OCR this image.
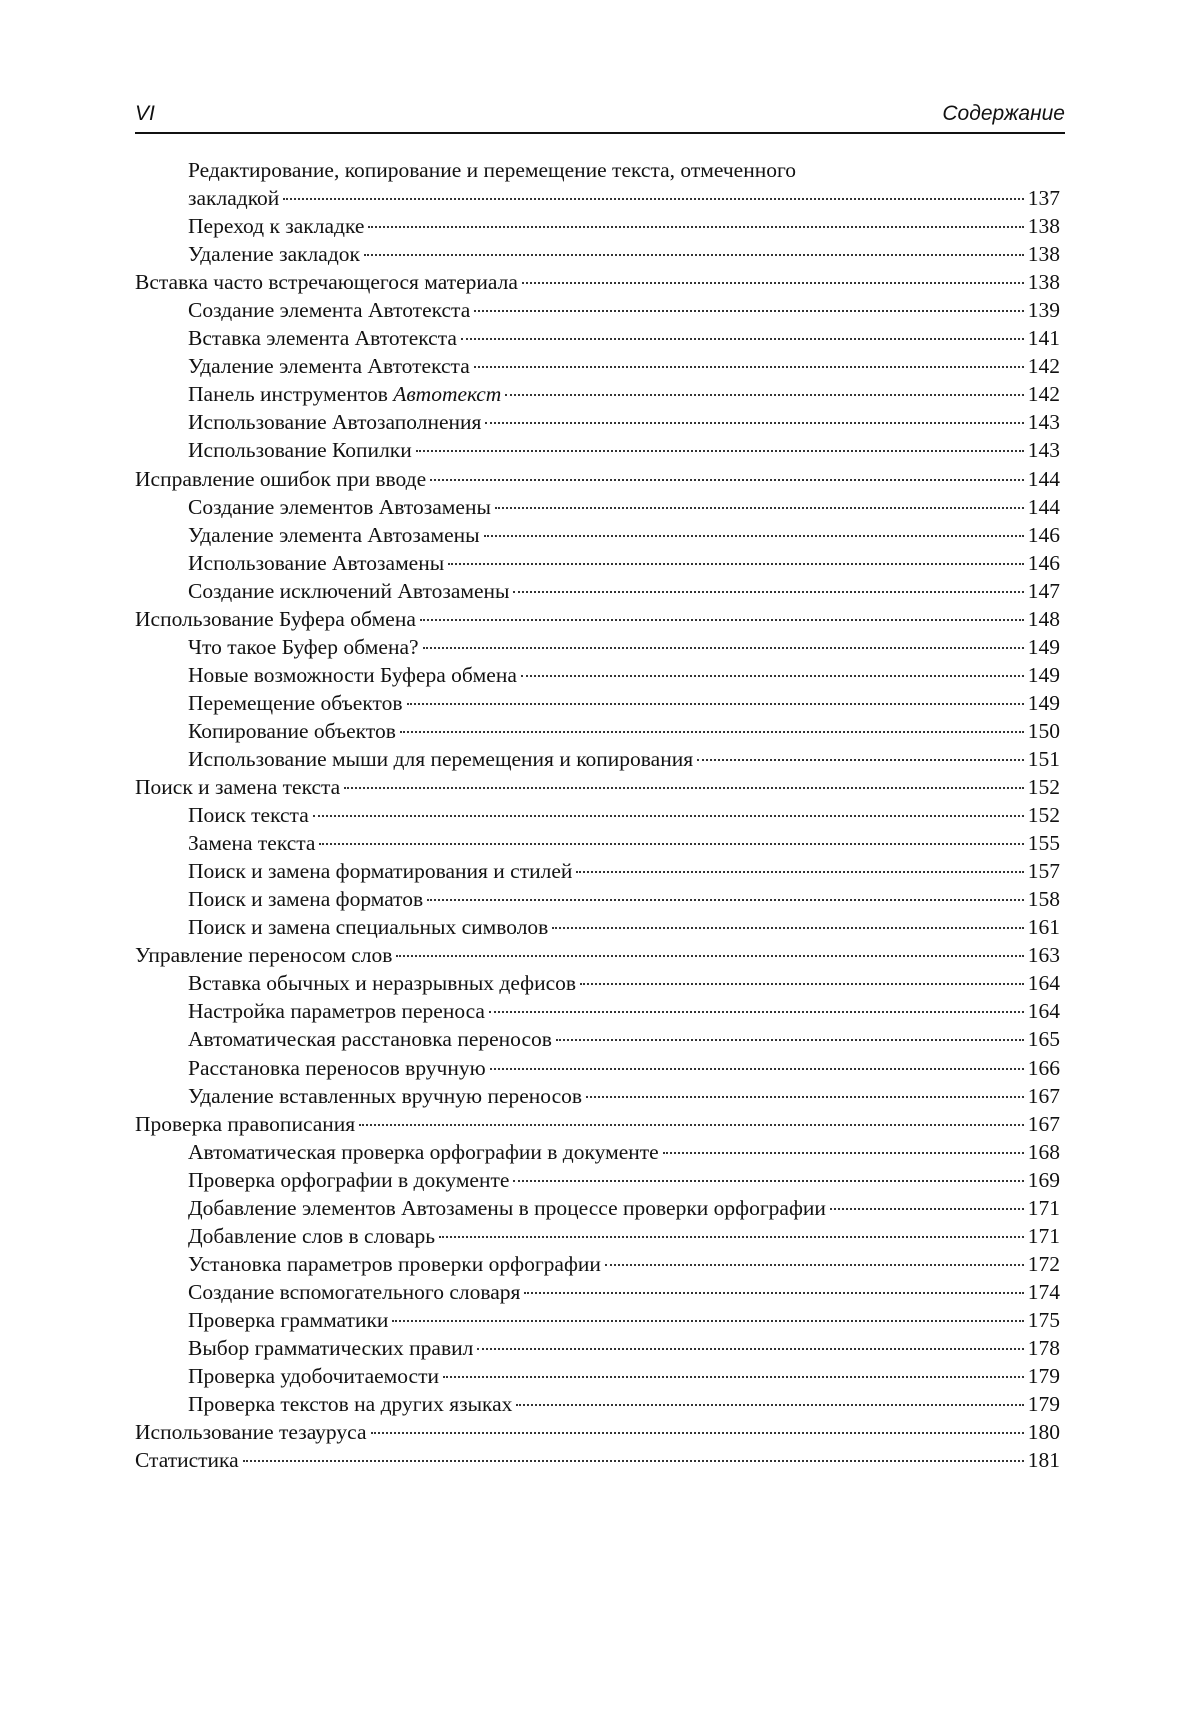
VI	Содержание
Редактирование, копирование и перемещение текста, отмеченного
закладкой	137
Переход к закладке	138
Удаление закладок	138
Вставка часто встречающегося материала	138
Создание элемента Автотекста	139
Вставка элемента Автотекста	141
Удаление элемента Автотекста	142
Панель инструментов Автотекст	142
Использование Автозаполнения	143
Использование Копилки	143
Исправление ошибок при вводе	144
Создание элементов Автозамены	144
Удаление элемента Автозамены	146
Использование Автозамены	146
Создание исключений Автозамены	147
Использование Буфера обмена	148
Что такое Буфер обмена?	149
Новые возможности Буфера обмена	149
Перемещение объектов	149
Копирование объектов	150
Использование мыши для перемещения и копирования	151
Поиск и замена текста	152
Поиск текста	152
Замена текста	155
Поиск и замена форматирования и стилей	157
Поиск и замена форматов	158
Поиск и замена специальных символов	161
Управление переносом слов	163
Вставка обычных и неразрывных дефисов	164
Настройка параметров переноса	164
Автоматическая расстановка переносов	165
Расстановка переносов вручную	166
Удаление вставленных вручную переносов	167
Проверка правописания	167
Автоматическая проверка орфографии в документе	168
Проверка орфографии в документе	169
Добавление элементов Автозамены в процессе проверки орфографии	171
Добавление слов в словарь	171
Установка параметров проверки орфографии	172
Создание вспомогательного словаря	174
Проверка грамматики	175
Выбор грамматических правил	178
Проверка удобочитаемости	179
Проверка текстов на других языках	179
Использование тезауруса	180
Статистика	181
